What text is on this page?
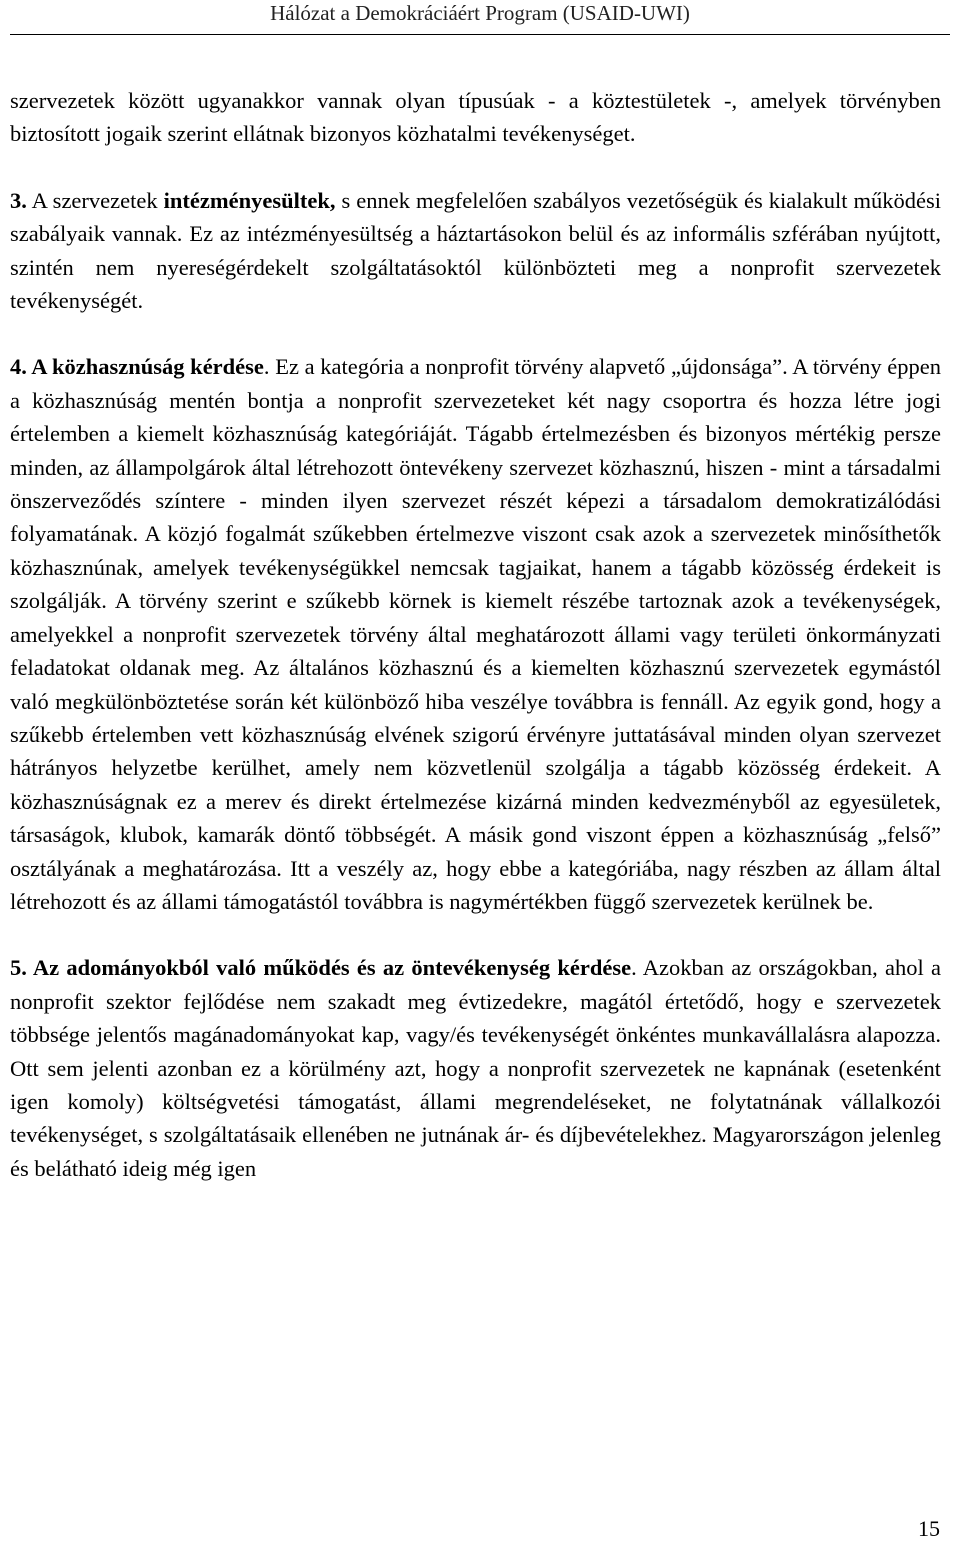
Hálózat a Demokráciáért Program (USAID-UWI)

szervezetek között ugyanakkor vannak olyan típusúak - a köztestületek -, amelyek törvényben biztosított jogaik szerint ellátnak bizonyos közhatalmi tevékenységet.

3. A szervezetek intézményesültek, s ennek megfelelően szabályos vezetőségük és kialakult működési szabályaik vannak. Ez az intézményesültség a háztartásokon belül és az informális szférában nyújtott, szintén nem nyereségérdekelt szolgáltatásoktól különbözteti meg a nonprofit szervezetek tevékenységét.

4. A közhasznúság kérdése. Ez a kategória a nonprofit törvény alapvető „újdonsága”. A törvény éppen a közhasznúság mentén bontja a nonprofit szervezeteket két nagy csoportra és hozza létre jogi értelemben a kiemelt közhasznúság kategóriáját. Tágabb értelmezésben és bizonyos mértékig persze minden, az állampolgárok által létrehozott öntevékeny szervezet közhasznú, hiszen - mint a társadalmi önszerveződés színtere - minden ilyen szervezet részét képezi a társadalom demokratizálódási folyamatának. A közjó fogalmát szűkebben értelmezve viszont csak azok a szervezetek minősíthetők közhasznúnak, amelyek tevékenységükkel nemcsak tagjaikat, hanem a tágabb közösség érdekeit is szolgálják. A törvény szerint e szűkebb körnek is kiemelt részébe tartoznak azok a tevékenységek, amelyekkel a nonprofit szervezetek törvény által meghatározott állami vagy területi önkormányzati feladatokat oldanak meg. Az általános közhasznú és a kiemelten közhasznú szervezetek egymástól való megkülönböztetése során két különböző hiba veszélye továbbra is fennáll. Az egyik gond, hogy a szűkebb értelemben vett közhasznúság elvének szigorú érvényre juttatásával minden olyan szervezet hátrányos helyzetbe kerülhet, amely nem közvetlenül szolgálja a tágabb közösség érdekeit. A közhasznúságnak ez a merev és direkt értelmezése kizárná minden kedvezményből az egyesületek, társaságok, klubok, kamarák döntő többségét. A másik gond viszont éppen a közhasznúság „felső” osztályának a meghatározása. Itt a veszély az, hogy ebbe a kategóriába, nagy részben az állam által létrehozott és az állami támogatástól továbbra is nagymértékben függő szervezetek kerülnek be.

5. Az adományokból való működés és az öntevékenység kérdése. Azokban az országokban, ahol a nonprofit szektor fejlődése nem szakadt meg évtizedekre, magától értetődő, hogy e szervezetek többsége jelentős magánadományokat kap, vagy/és tevékenységét önkéntes munkavállalásra alapozza. Ott sem jelenti azonban ez a körülmény azt, hogy a nonprofit szervezetek ne kapnának (esetenként igen komoly) költségvetési támogatást, állami megrendeléseket, ne folytatnának vállalkozói tevékenységet, s szolgáltatásaik ellenében ne jutnának ár- és díjbevételekhez. Magyarországon jelenleg és belátható ideig még igen

15
